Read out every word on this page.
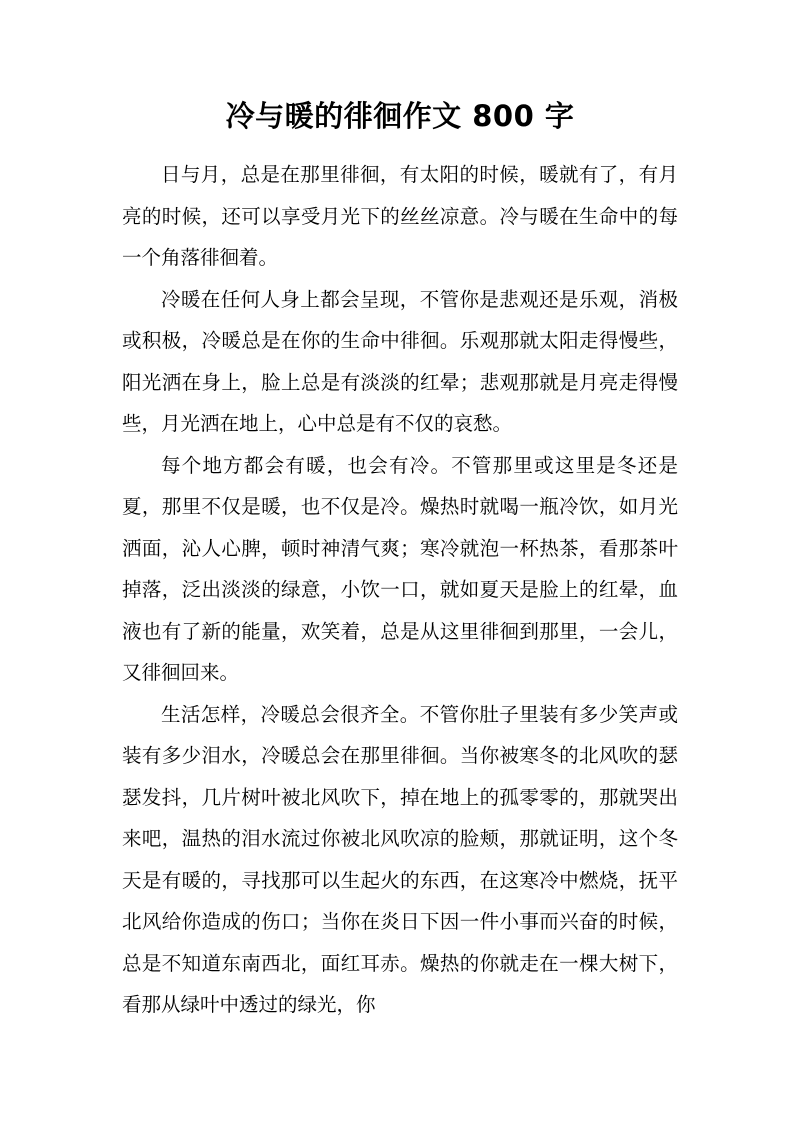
冷与暖的徘徊作文 800 字

日与月，总是在那里徘徊，有太阳的时候，暖就有了，有月亮的时候，还可以享受月光下的丝丝凉意。冷与暖在生命中的每一个角落徘徊着。

冷暖在任何人身上都会呈现，不管你是悲观还是乐观，消极或积极，冷暖总是在你的生命中徘徊。乐观那就太阳走得慢些，阳光洒在身上，脸上总是有淡淡的红晕；悲观那就是月亮走得慢些，月光洒在地上，心中总是有不仅的哀愁。

每个地方都会有暖，也会有冷。不管那里或这里是冬还是夏，那里不仅是暖，也不仅是冷。燥热时就喝一瓶冷饮，如月光洒面，沁人心脾，顿时神清气爽；寒冷就泡一杯热茶，看那茶叶掉落，泛出淡淡的绿意，小饮一口，就如夏天是脸上的红晕，血液也有了新的能量，欢笑着，总是从这里徘徊到那里，一会儿，又徘徊回来。

生活怎样，冷暖总会很齐全。不管你肚子里装有多少笑声或装有多少泪水，冷暖总会在那里徘徊。当你被寒冬的北风吹的瑟瑟发抖，几片树叶被北风吹下，掉在地上的孤零零的，那就哭出来吧，温热的泪水流过你被北风吹凉的脸颊，那就证明，这个冬天是有暖的，寻找那可以生起火的东西，在这寒冷中燃烧，抚平北风给你造成的伤口；当你在炎日下因一件小事而兴奋的时候，总是不知道东南西北，面红耳赤。燥热的你就走在一棵大树下，看那从绿叶中透过的绿光，你
